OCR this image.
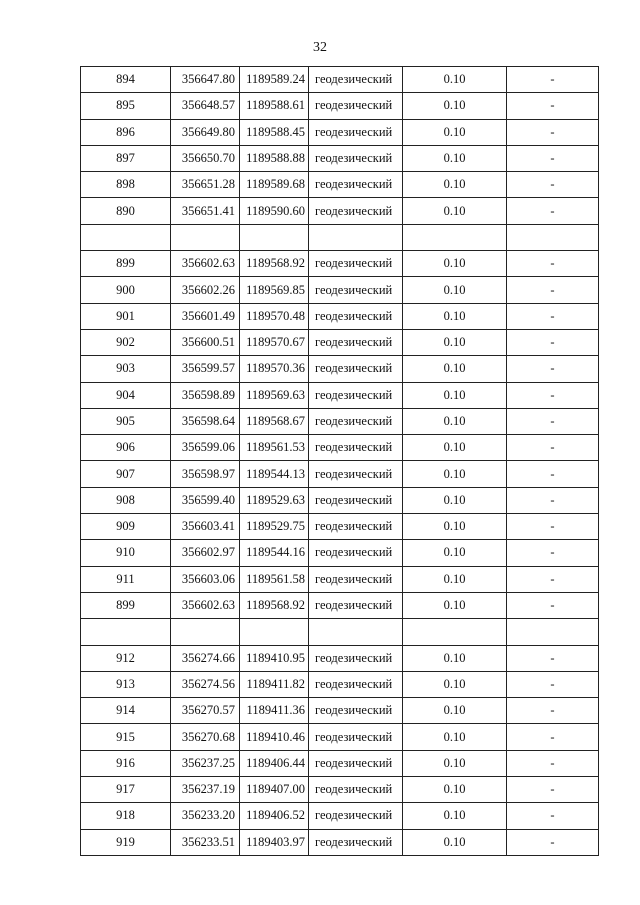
32
894	356647.80	1189589.24	геодезический	0.10	-
895	356648.57	1189588.61	геодезический	0.10	-
896	356649.80	1189588.45	геодезический	0.10	-
897	356650.70	1189588.88	геодезический	0.10	-
898	356651.28	1189589.68	геодезический	0.10	-
890	356651.41	1189590.60	геодезический	0.10	-

899	356602.63	1189568.92	геодезический	0.10	-
900	356602.26	1189569.85	геодезический	0.10	-
901	356601.49	1189570.48	геодезический	0.10	-
902	356600.51	1189570.67	геодезический	0.10	-
903	356599.57	1189570.36	геодезический	0.10	-
904	356598.89	1189569.63	геодезический	0.10	-
905	356598.64	1189568.67	геодезический	0.10	-
906	356599.06	1189561.53	геодезический	0.10	-
907	356598.97	1189544.13	геодезический	0.10	-
908	356599.40	1189529.63	геодезический	0.10	-
909	356603.41	1189529.75	геодезический	0.10	-
910	356602.97	1189544.16	геодезический	0.10	-
911	356603.06	1189561.58	геодезический	0.10	-
899	356602.63	1189568.92	геодезический	0.10	-

912	356274.66	1189410.95	геодезический	0.10	-
913	356274.56	1189411.82	геодезический	0.10	-
914	356270.57	1189411.36	геодезический	0.10	-
915	356270.68	1189410.46	геодезический	0.10	-
916	356237.25	1189406.44	геодезический	0.10	-
917	356237.19	1189407.00	геодезический	0.10	-
918	356233.20	1189406.52	геодезический	0.10	-
919	356233.51	1189403.97	геодезический	0.10	-
